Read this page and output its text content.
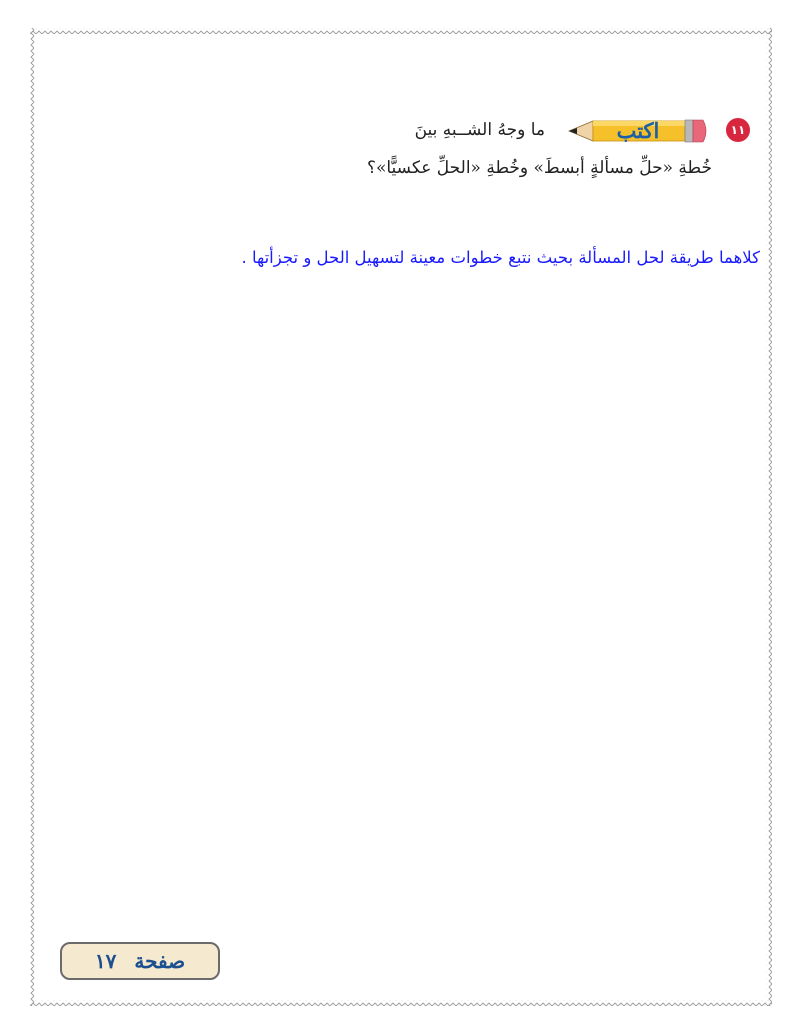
١١
اكتب
ما وجهُ الشــبهِ بينَ
خُطةِ «حلِّ مسألةٍ أبسطَ» وخُطةِ «الحلِّ عكسيًّا»؟
كلاهما طريقة لحل المسألة بحيث نتبع خطوات معينة لتسهيل الحل و تجزأتها .
صفحة
١٧
